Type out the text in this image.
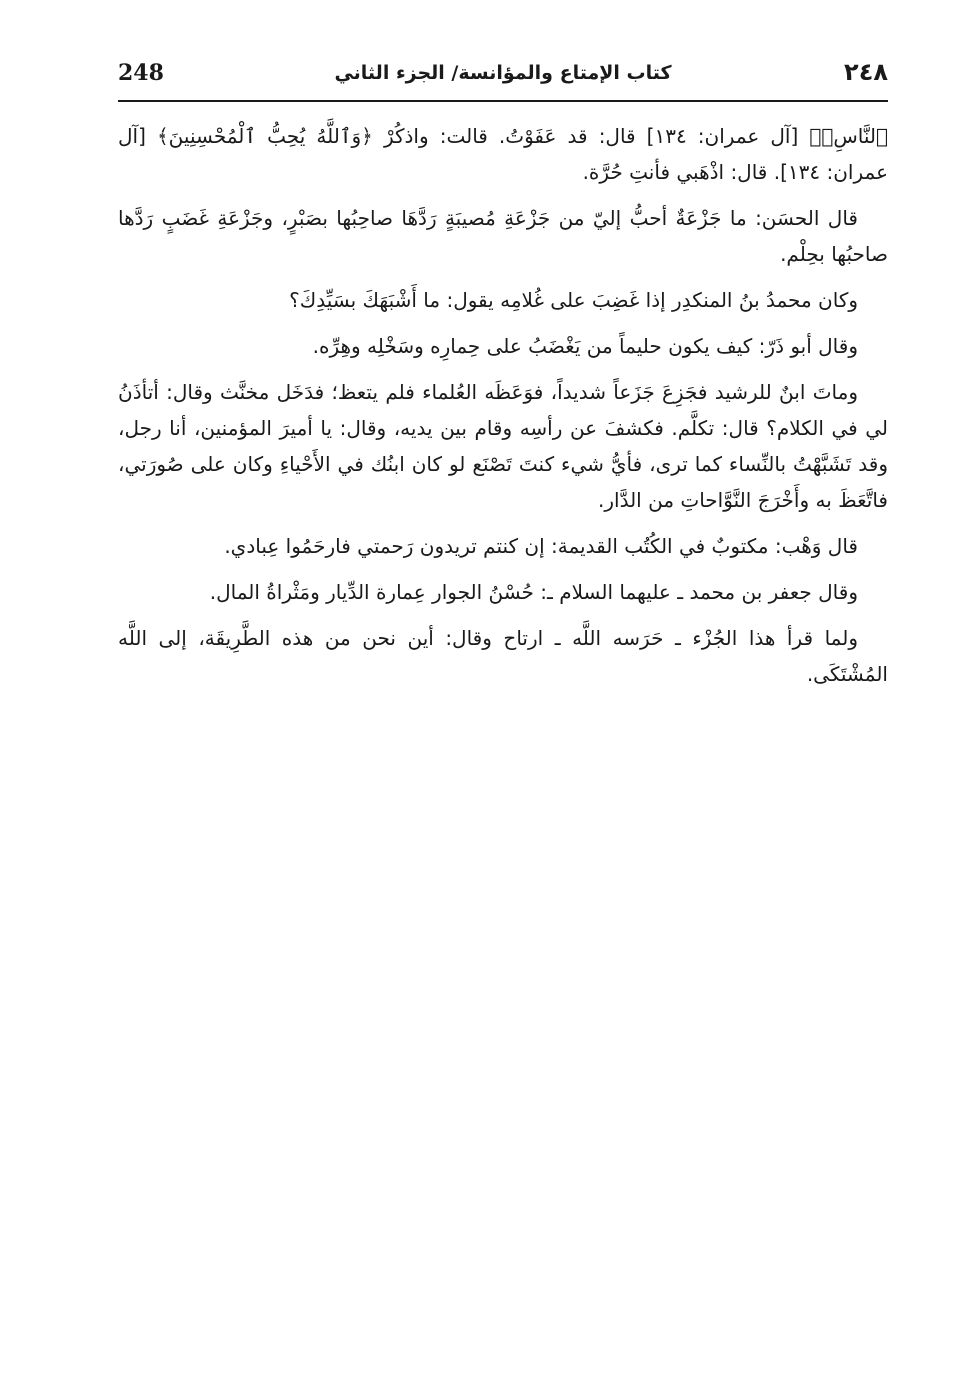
248	كتاب الإمتاع والمؤانسة/ الجزء الثاني	٢٤٨

ٱلنَّاسِۗ﴾ [آل عمران: ١٣٤] قال: قد عَفَوْتُ. قالت: واذكُرْ ﴿وَٱللَّهُ يُحِبُّ ٱلْمُحْسِنِينَ﴾ [آل عمران: ١٣٤]. قال: اذْهَبي فأنتِ حُرَّة.

قال الحسَن: ما جَزْعَةٌ أحبُّ إليّ من جَزْعَةِ مُصيبَةٍ رَدَّهَا صاحِبُها بصَبْرٍ، وجَزْعَةِ غَضَبٍ رَدَّها صاحبُها بحِلْم.

وكان محمدُ بنُ المنكدِر إذا غَضِبَ على غُلامِه يقول: ما أَشْبَهَكَ بسَيِّدِكَ؟

وقال أبو ذَرّ: كيف يكون حليماً من يَغْضَبُ على حِمارِه وسَخْلِه وهِرِّه.

وماتَ ابنٌ للرشيد فجَزِعَ جَزَعاً شديداً، فوَعَظَه العُلماء فلم يتعظ؛ فدَخَل مخنَّث وقال: أتأذَنُ لي في الكلام؟ قال: تكلَّم. فكشفَ عن رأسِه وقام بين يديه، وقال: يا أميرَ المؤمنين، أنا رجل، وقد تَشَبَّهْتُ بالنِّساء كما ترى، فأيُّ شيء كنتَ تَصْنَع لو كان ابنُك في الأَحْياءِ وكان على صُورَتي، فاتَّعَظَ به وأَخْرَجَ النَّوَّاحاتِ من الدَّار.

قال وَهْب: مكتوبٌ في الكُتُب القديمة: إن كنتم تريدون رَحمتي فارحَمُوا عِبادي.

وقال جعفر بن محمد ـ عليهما السلام ـ: حُسْنُ الجوار عِمارة الدِّيار ومَثْراةُ المال.

ولما قرأ هذا الجُزْء ـ حَرَسه اللَّه ـ ارتاح وقال: أين نحن من هذه الطَّرِيقَة، إلى اللَّه المُشْتَكَى.
